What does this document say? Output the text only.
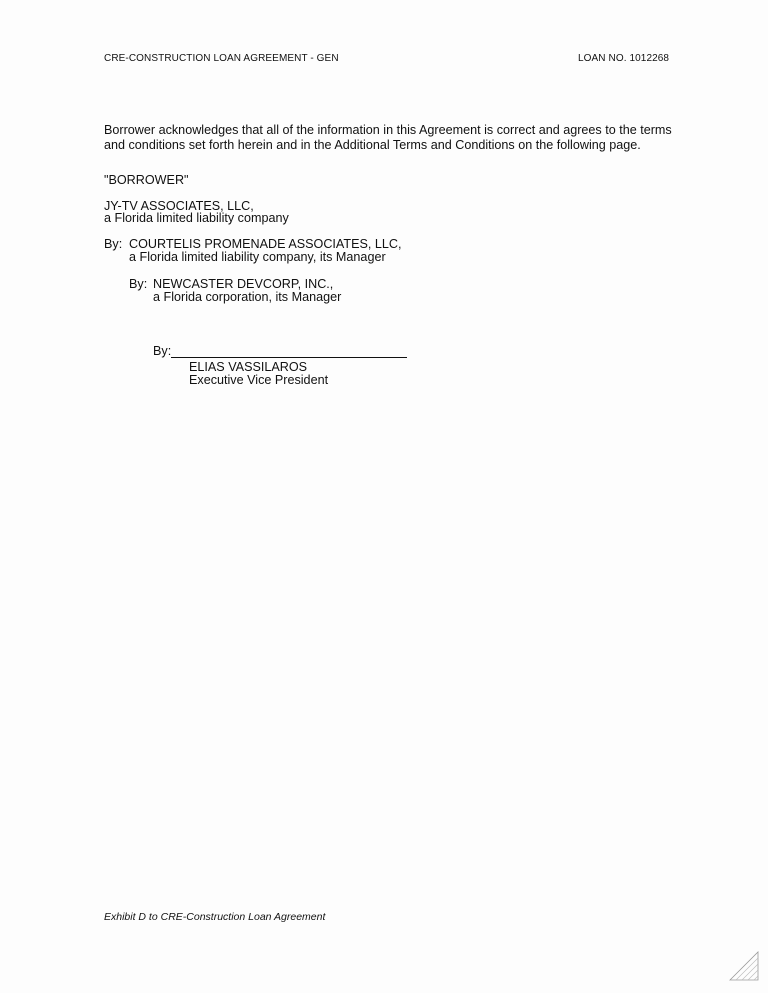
CRE-CONSTRUCTION LOAN AGREEMENT - GEN	LOAN NO. 1012268
Borrower acknowledges that all of the information in this Agreement is correct and agrees to the terms and conditions set forth herein and in the Additional Terms and Conditions on the following page.
"BORROWER"
JY-TV ASSOCIATES, LLC,
a Florida limited liability company
By: COURTELIS PROMENADE ASSOCIATES, LLC,
a Florida limited liability company, its Manager
By: NEWCASTER DEVCORP, INC.,
a Florida corporation, its Manager
By:
ELIAS VASSILAROS
Executive Vice President
Exhibit D to CRE-Construction Loan Agreement
